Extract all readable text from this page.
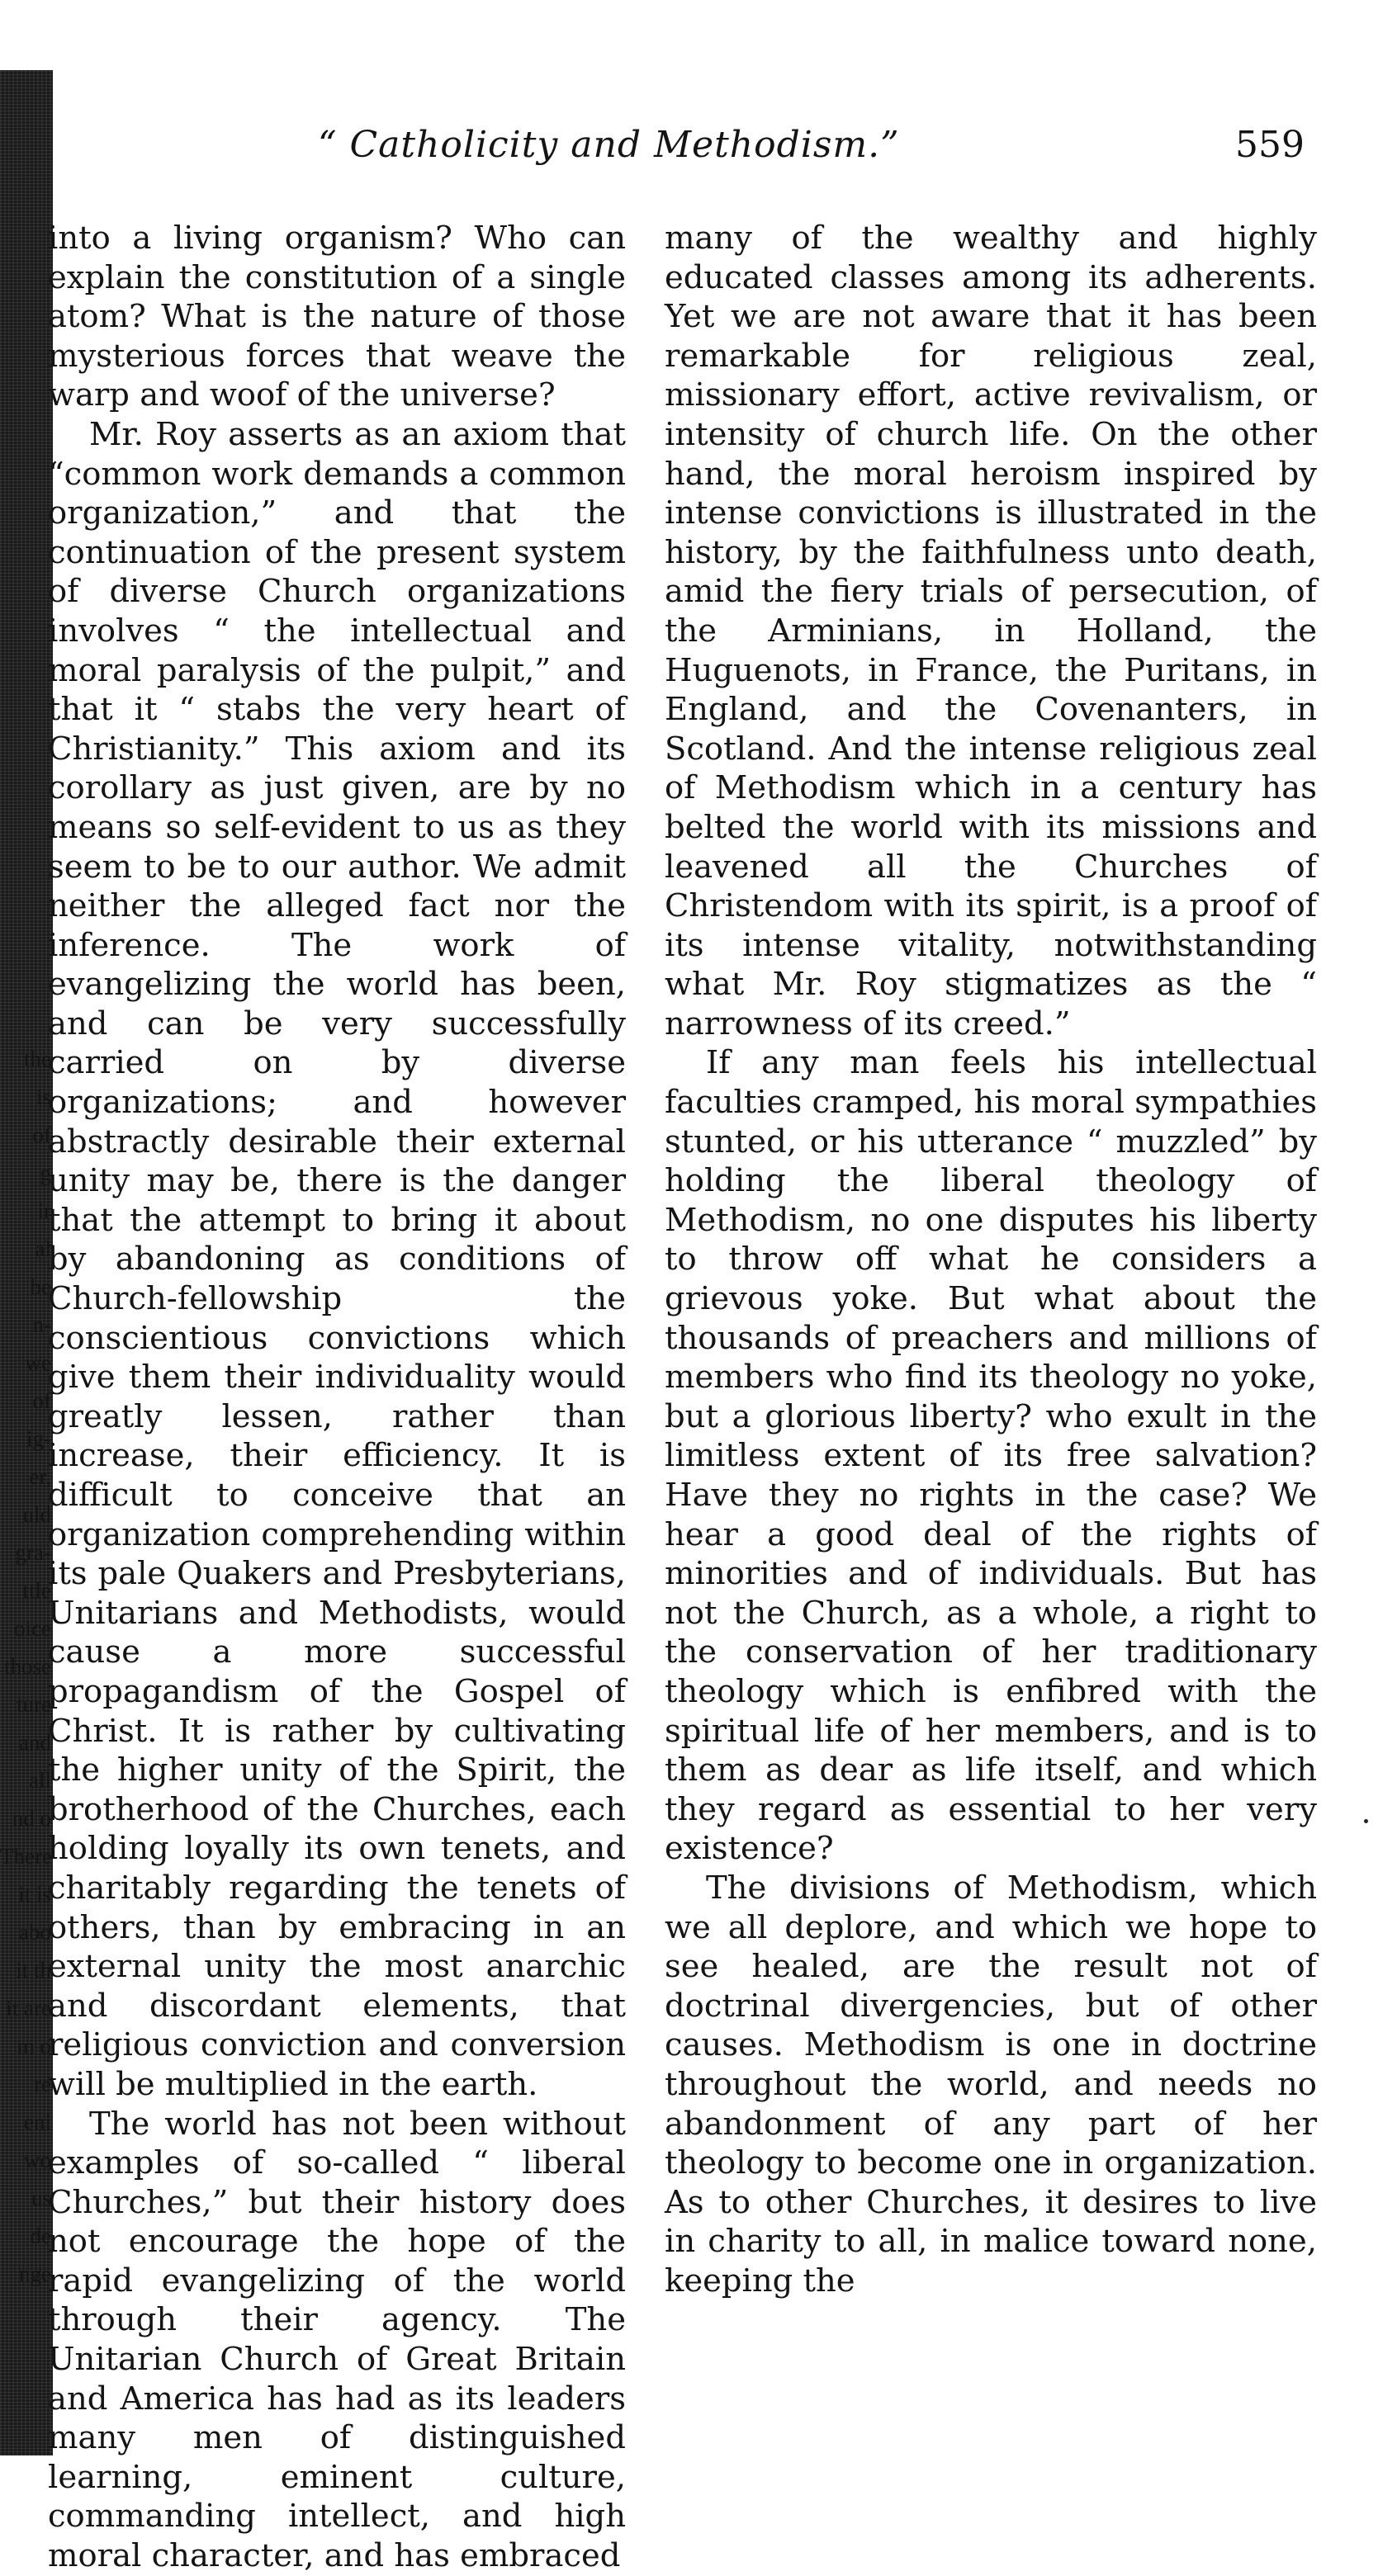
the
is
of
g
ir
al
be
n-
we
of
ig-
er,
uld
gra-
ttle
oice
those
ture
and
all
nd o
There
it is
abo
it th
it are
m o
re
eni
wo
us
de
nge
“ Catholicity and Methodism.”	559

into a living organism? Who can explain the constitution of a single atom? What is the nature of those mysterious forces that weave the warp and woof of the universe?

Mr. Roy asserts as an axiom that “common work demands a common organization,” and that the continuation of the present system of diverse Church organizations involves “ the intellectual and moral paralysis of the pulpit,” and that it “ stabs the very heart of Christianity.” This axiom and its corollary as just given, are by no means so self-evident to us as they seem to be to our author. We admit neither the alleged fact nor the inference. The work of evangelizing the world has been, and can be very successfully carried on by diverse organizations; and however abstractly desirable their external unity may be, there is the danger that the attempt to bring it about by abandoning as conditions of Church-fellowship the conscientious convictions which give them their individuality would greatly lessen, rather than increase, their efficiency. It is difficult to conceive that an organization comprehending within its pale Quakers and Presbyterians, Unitarians and Methodists, would cause a more successful propagandism of the Gospel of Christ. It is rather by cultivating the higher unity of the Spirit, the brotherhood of the Churches, each holding loyally its own tenets, and charitably regarding the tenets of others, than by embracing in an external unity the most anarchic and discordant elements, that religious conviction and conversion will be multiplied in the earth.

The world has not been without examples of so-called “ liberal Churches,” but their history does not encourage the hope of the rapid evangelizing of the world through their agency. The Unitarian Church of Great Britain and America has had as its leaders many men of distinguished learning, eminent culture, commanding intellect, and high moral character, and has embraced

many of the wealthy and highly educated classes among its adherents. Yet we are not aware that it has been remarkable for religious zeal, missionary effort, active revivalism, or intensity of church life. On the other hand, the moral heroism inspired by intense convictions is illustrated in the history, by the faithfulness unto death, amid the fiery trials of persecution, of the Arminians, in Holland, the Huguenots, in France, the Puritans, in England, and the Covenanters, in Scotland. And the intense religious zeal of Methodism which in a century has belted the world with its missions and leavened all the Churches of Christendom with its spirit, is a proof of its intense vitality, notwithstanding what Mr. Roy stigmatizes as the “ narrowness of its creed.”

If any man feels his intellectual faculties cramped, his moral sympathies stunted, or his utterance “ muzzled” by holding the liberal theology of Methodism, no one disputes his liberty to throw off what he considers a grievous yoke. But what about the thousands of preachers and millions of members who find its theology no yoke, but a glorious liberty? who exult in the limitless extent of its free salvation? Have they no rights in the case? We hear a good deal of the rights of minorities and of individuals. But has not the Church, as a whole, a right to the conservation of her traditionary theology which is enfibred with the spiritual life of her members, and is to them as dear as life itself, and which they regard as essential to her very existence?

The divisions of Methodism, which we all deplore, and which we hope to see healed, are the result not of doctrinal divergencies, but of other causes. Methodism is one in doctrine throughout the world, and needs no abandonment of any part of her theology to become one in organization. As to other Churches, it desires to live in charity to all, in malice toward none, keeping the
